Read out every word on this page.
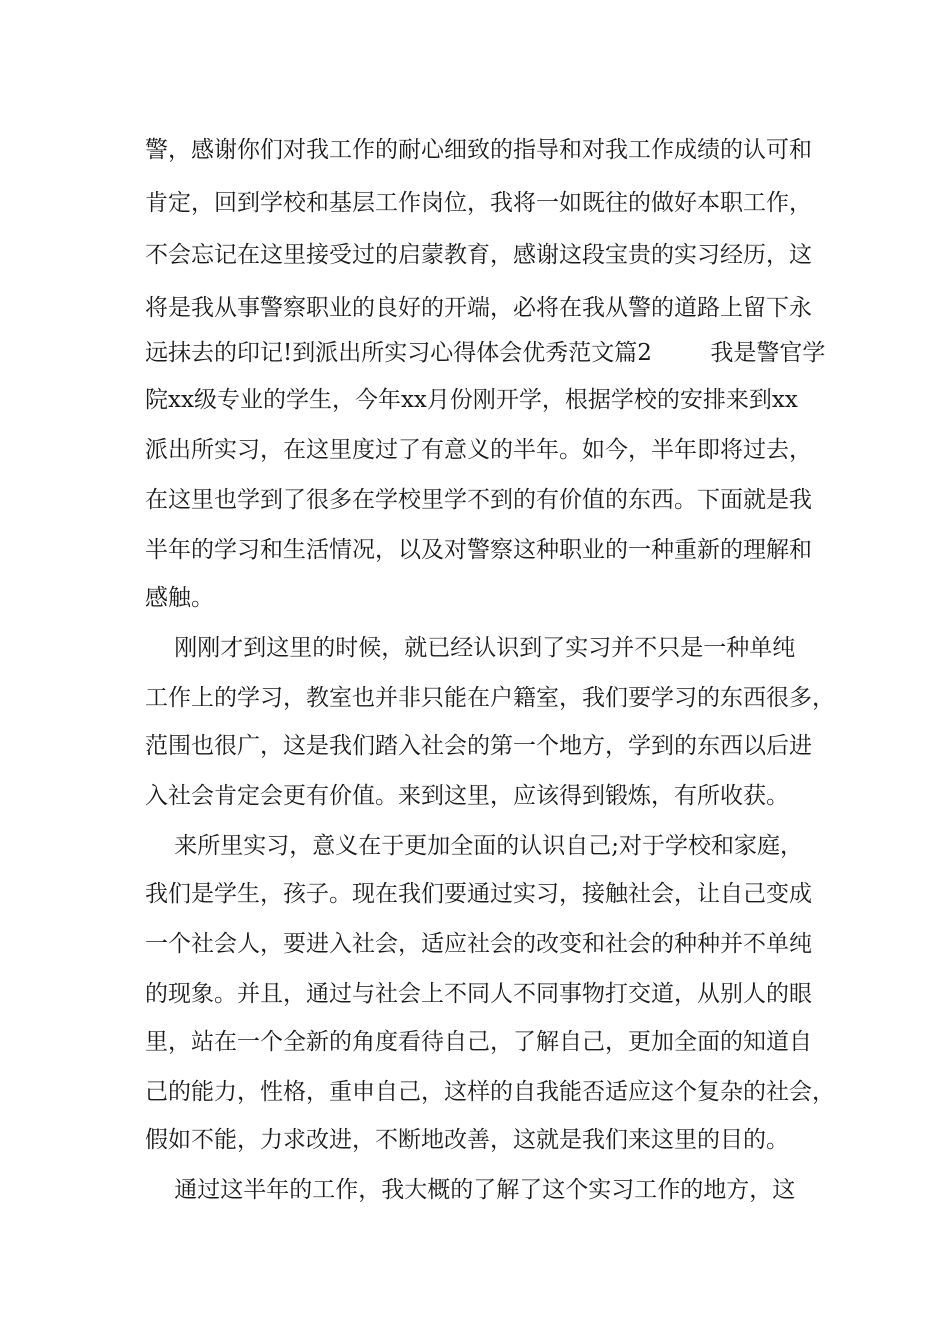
警，感谢你们对我工作的耐心细致的指导和对我工作成绩的认可和
肯定，回到学校和基层工作岗位，我将一如既往的做好本职工作，
不会忘记在这里接受过的启蒙教育，感谢这段宝贵的实习经历，这
将是我从事警察职业的良好的开端，必将在我从警的道路上留下永
远抹去的印记!到派出所实习心得体会优秀范文篇2        我是警官学
院xx级专业的学生，今年xx月份刚开学，根据学校的安排来到xx
派出所实习，在这里度过了有意义的半年。如今，半年即将过去，
在这里也学到了很多在学校里学不到的有价值的东西。下面就是我
半年的学习和生活情况，以及对警察这种职业的一种重新的理解和
感触。
刚刚才到这里的时候，就已经认识到了实习并不只是一种单纯
工作上的学习，教室也并非只能在户籍室，我们要学习的东西很多，
范围也很广，这是我们踏入社会的第一个地方，学到的东西以后进
入社会肯定会更有价值。来到这里，应该得到锻炼，有所收获。
来所里实习，意义在于更加全面的认识自己;对于学校和家庭，
我们是学生，孩子。现在我们要通过实习，接触社会，让自己变成
一个社会人，要进入社会，适应社会的改变和社会的种种并不单纯
的现象。并且，通过与社会上不同人不同事物打交道，从别人的眼
里，站在一个全新的角度看待自己，了解自己，更加全面的知道自
己的能力，性格，重申自己，这样的自我能否适应这个复杂的社会，
假如不能，力求改进，不断地改善，这就是我们来这里的目的。
通过这半年的工作，我大概的了解了这个实习工作的地方，这
